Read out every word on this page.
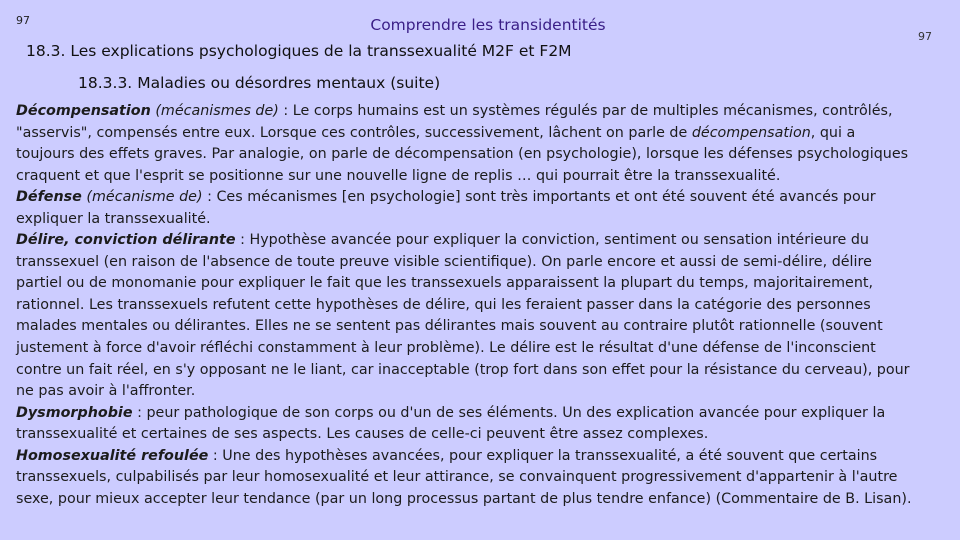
97
97
Comprendre les transidentités
18.3. Les explications psychologiques de la transsexualité M2F et F2M
18.3.3. Maladies ou désordres mentaux (suite)
Décompensation (mécanismes de) : Le corps humains est un systèmes régulés par de multiples mécanismes, contrôlés,
"asservis", compensés entre eux. Lorsque ces contrôles, successivement, lâchent on parle de décompensation, qui a
toujours des effets graves. Par analogie, on parle de décompensation (en psychologie), lorsque les défenses psychologiques
craquent et que l'esprit se positionne sur une nouvelle ligne de replis … qui pourrait être la transsexualité.
Défense (mécanisme de) : Ces mécanismes [en psychologie] sont très importants et ont été souvent été avancés pour
expliquer la transsexualité.
Délire, conviction délirante : Hypothèse avancée pour expliquer la conviction, sentiment ou sensation intérieure du
transsexuel (en raison de l'absence de toute preuve visible scientifique). On parle encore et aussi de semi-délire, délire
partiel ou de monomanie pour expliquer le fait que les transsexuels apparaissent la plupart du temps, majoritairement,
rationnel. Les transsexuels refutent cette hypothèses de délire, qui les feraient passer dans la catégorie des personnes
malades mentales ou délirantes. Elles ne se sentent pas délirantes mais souvent au contraire plutôt rationnelle (souvent
justement à force d'avoir réfléchi constamment à leur problème). Le délire est le résultat d'une défense de l'inconscient
contre un fait réel, en s'y opposant ne le liant, car inacceptable (trop fort dans son effet pour la résistance du cerveau), pour
ne pas avoir à l'affronter.
Dysmorphobie : peur pathologique de son corps ou d'un de ses éléments. Un des explication avancée pour expliquer la
transsexualité et certaines de ses aspects. Les causes de celle-ci peuvent être assez complexes.
Homosexualité refoulée : Une des hypothèses avancées, pour expliquer la transsexualité, a été souvent que certains
transsexuels, culpabilisés par leur homosexualité et leur attirance, se convainquent progressivement d'appartenir à l'autre
sexe, pour mieux accepter leur tendance (par un long processus partant de plus tendre enfance) (Commentaire de B. Lisan).
